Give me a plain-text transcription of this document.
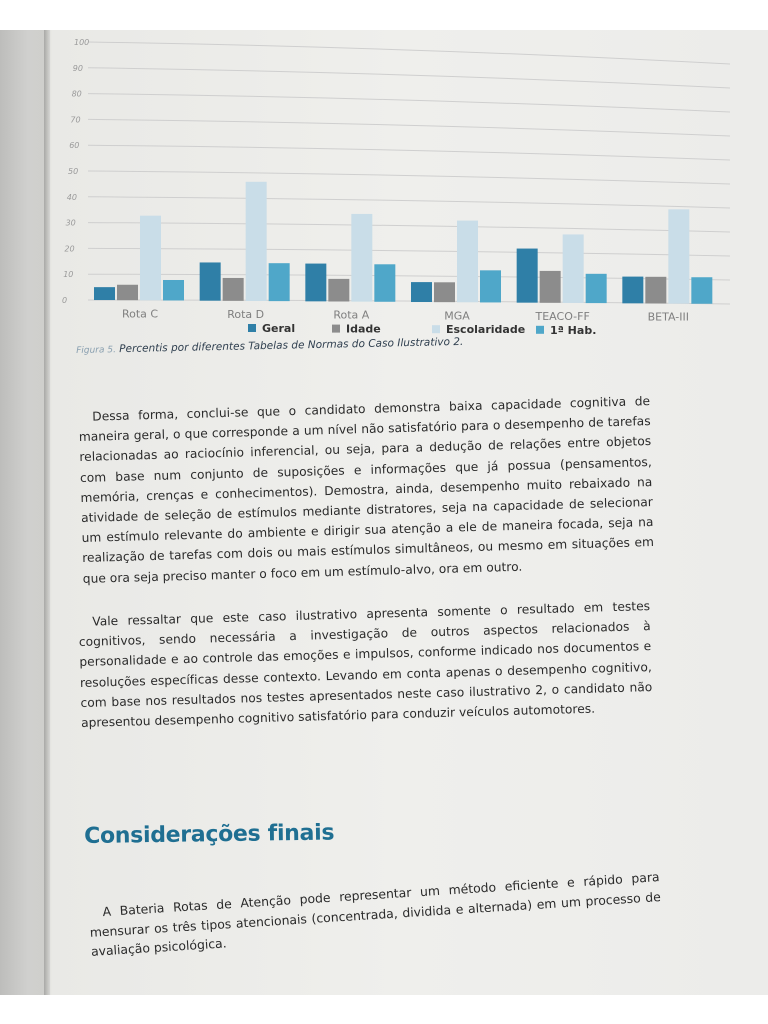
0
10
20
30
40
50
60
70
80
90
100
Rota C	Rota D	Rota A	MGA	TEACO-FF	BETA-III
Geral	Idade	Escolaridade 1ª Hab.
Figura 5. Percentis por diferentes Tabelas de Normas do Caso Ilustrativo 2.

Dessa forma, conclui-se que o candidato demonstra baixa capacidade cognitiva de maneira geral, o que corresponde a um nível não satisfatório para o desempenho de tarefas relacionadas ao raciocínio inferencial, ou seja, para a dedução de relações entre objetos com base num conjunto de suposições e informações que já possua (pensamentos, memória, crenças e conhecimentos). Demostra, ainda, desempenho muito rebaixado na atividade de seleção de estímulos mediante distratores, seja na capacidade de selecionar um estímulo relevante do ambiente e dirigir sua atenção a ele de maneira focada, seja na realização de tarefas com dois ou mais estímulos simultâneos, ou mesmo em situações em que ora seja preciso manter o foco em um estímulo-alvo, ora em outro.

Vale ressaltar que este caso ilustrativo apresenta somente o resultado em testes cognitivos, sendo necessária a investigação de outros aspectos relacionados à personalidade e ao controle das emoções e impulsos, conforme indicado nos documentos e resoluções específicas desse contexto. Levando em conta apenas o desempenho cognitivo, com base nos resultados nos testes apresentados neste caso ilustrativo 2, o candidato não apresentou desempenho cognitivo satisfatório para conduzir veículos automotores.

Considerações finais

A Bateria Rotas de Atenção pode representar um método eficiente e rápido para mensurar os três tipos atencionais (concentrada, dividida e alternada) em um processo de avaliação psicológica.
